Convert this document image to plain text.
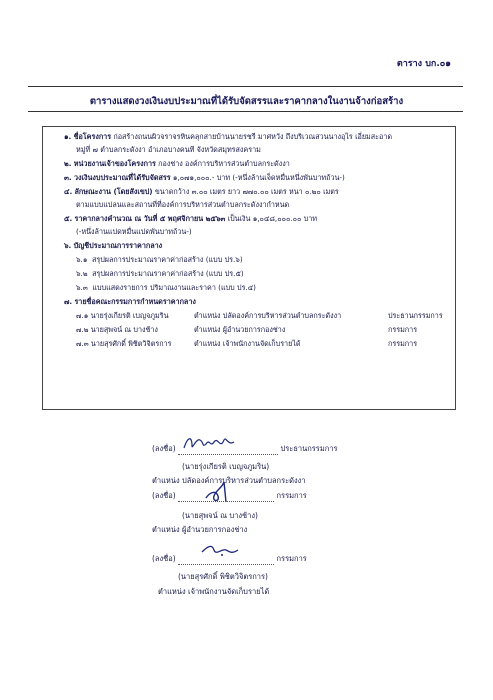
ตาราง บก.๐๑
ตารางแสดงวงเงินงบประมาณที่ได้รับจัดสรรและราคากลางในงานจ้างก่อสร้าง
๑. ชื่อโครงการ ก่อสร้างถนนผิวจราจรหินคลุกสายบ้านนายรชรี มาศหวัง ถึงบริเวณสวนนางอุไร เอี่ยมสะอาด
หมู่ที่ ๗ ตำบลกระดังงา อำเภอบางคนที จังหวัดสมุทรสงคราม
๒. หน่วยงานเจ้าของโครงการ กองช่าง องค์การบริหารส่วนตำบลกระดังงา
๓. วงเงินงบประมาณที่ได้รับจัดสรร ๑,๐๗๑,๐๐๐.- บาท (-หนึ่งล้านเจ็ดหมื่นหนึ่งพันบาทถ้วน-)
๔. ลักษณะงาน (โดยสังเขป) ขนาดกว้าง ๓.๐๐ เมตร ยาว ๗๗๐.๐๐ เมตร หนา ๐.๒๐ เมตร
ตามแบบแปลนและสถานที่ที่องค์การบริหารส่วนตำบลกระดังงากำหนด
๕. ราคากลางคำนวณ ณ วันที่ ๕ พฤศจิกายน ๒๕๖๓ เป็นเงิน ๑,๐๔๘,๐๐๐.๐๐ บาท
(-หนึ่งล้านแปดหมื่นแปดพันบาทถ้วน-)
๖. บัญชีประมาณการราคากลาง
๖.๑ สรุปผลการประมาณราคาค่าก่อสร้าง (แบบ ปร.๖)
๖.๒ สรุปผลการประมาณราคาค่าก่อสร้าง (แบบ ปร.๕)
๖.๓ แบบแสดงรายการ ปริมาณงานและราคา (แบบ ปร.๔)
๗. รายชื่อคณะกรรมการกำหนดราคากลาง
๗.๑ นายรุ่งเกียรติ เบญจภูมริน	ตำแหน่ง ปลัดองค์การบริหารส่วนตำบลกระดังงา	ประธานกรรมการ
๗.๒ นายสุพจน์ ณ บางช้าง	ตำแหน่ง ผู้อำนวยการกองช่าง	กรรมการ
๗.๓ นายสุรศักดิ์ พิชิตวิจิตรการ	ตำแหน่ง เจ้าพนักงานจัดเก็บรายได้	กรรมการ
(ลงชื่อ)	ประธานกรรมการ
(นายรุ่งเกียรติ เบญจภูมริน)
ตำแหน่ง ปลัดองค์การบริหารส่วนตำบลกระดังงา
(ลงชื่อ)	กรรมการ
(นายสุพจน์ ณ บางช้าง)
ตำแหน่ง ผู้อำนวยการกองช่าง
(ลงชื่อ)	กรรมการ
(นายสุรศักดิ์ พิชิตวิจิตรการ)
ตำแหน่ง เจ้าพนักงานจัดเก็บรายได้
